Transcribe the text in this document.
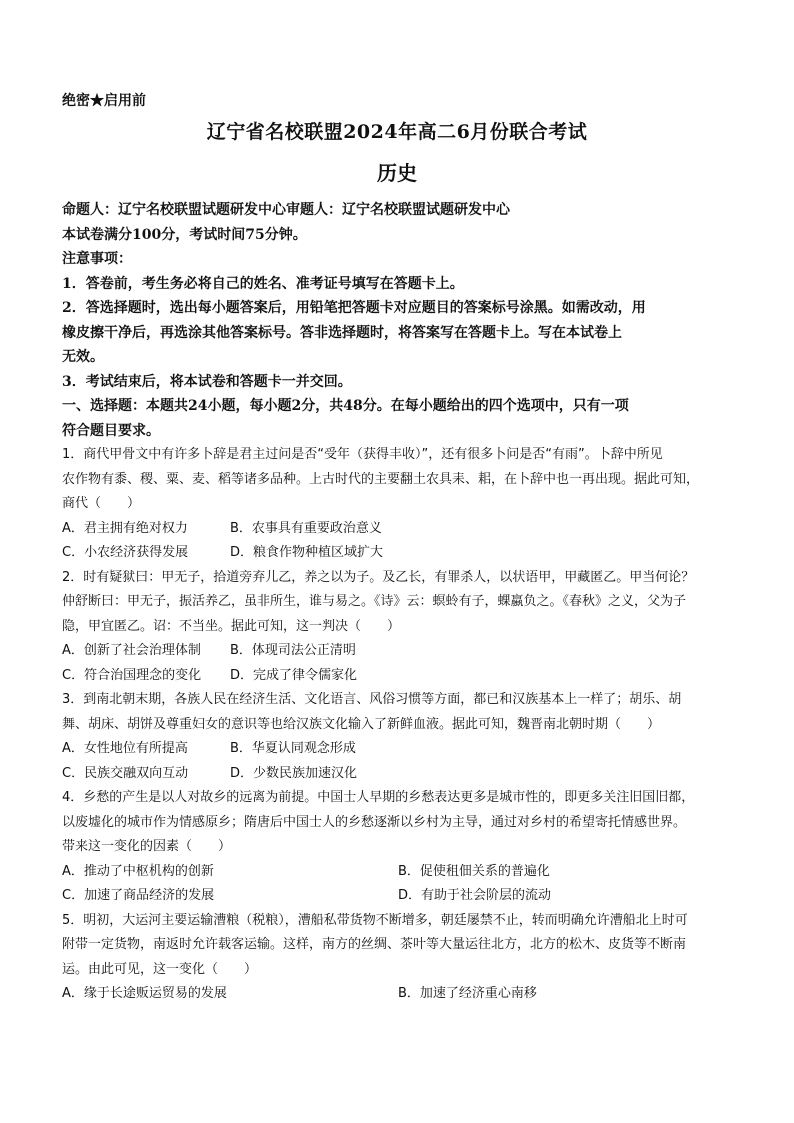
绝密★启用前
辽宁省名校联盟2024年高二6月份联合考试
历史
命题人：辽宁名校联盟试题研发中心审题人：辽宁名校联盟试题研发中心
本试卷满分100分，考试时间75分钟。
注意事项：
1．答卷前，考生务必将自己的姓名、准考证号填写在答题卡上。
2．答选择题时，选出每小题答案后，用铅笔把答题卡对应题目的答案标号涂黑。如需改动，用
橡皮擦干净后，再选涂其他答案标号。答非选择题时，将答案写在答题卡上。写在本试卷上
无效。
3．考试结束后，将本试卷和答题卡一并交回。
一、选择题：本题共24小题，每小题2分，共48分。在每小题给出的四个选项中，只有一项
符合题目要求。
1．商代甲骨文中有许多卜辞是君主过问是否“受年（获得丰收）”，还有很多卜问是否“有雨”。卜辞中所见
农作物有黍、稷、粟、麦、稻等诸多品种。上古时代的主要翻土农具耒、耜，在卜辞中也一再出现。据此可知，
商代（　　）
A．君主拥有绝对权力	B．农事具有重要政治意义
C．小农经济获得发展	D．粮食作物种植区域扩大
2．时有疑狱曰：甲无子，拾道旁弃儿乙，养之以为子。及乙长，有罪杀人，以状语甲，甲藏匿乙。甲当何论？
仲舒断曰：甲无子，振活养乙，虽非所生，谁与易之。《诗》云：螟蛉有子，蜾蠃负之。《春秋》之义，父为子
隐，甲宜匿乙。诏：不当坐。据此可知，这一判决（　　）
A．创新了社会治理体制	B．体现司法公正清明
C．符合治国理念的变化	D．完成了律令儒家化
3．到南北朝末期，各族人民在经济生活、文化语言、风俗习惯等方面，都已和汉族基本上一样了；胡乐、胡
舞、胡床、胡饼及尊重妇女的意识等也给汉族文化输入了新鲜血液。据此可知，魏晋南北朝时期（　　）
A．女性地位有所提高	B．华夏认同观念形成
C．民族交融双向互动	D．少数民族加速汉化
4．乡愁的产生是以人对故乡的远离为前提。中国士人早期的乡愁表达更多是城市性的，即更多关注旧国旧都，
以废墟化的城市作为情感原乡；隋唐后中国士人的乡愁逐渐以乡村为主导，通过对乡村的希望寄托情感世界。
带来这一变化的因素（　　）
A．推动了中枢机构的创新	B．促使租佃关系的普遍化
C．加速了商品经济的发展	D．有助于社会阶层的流动
5．明初，大运河主要运输漕粮（税粮），漕船私带货物不断增多，朝廷屡禁不止，转而明确允许漕船北上时可
附带一定货物，南返时允许载客运输。这样，南方的丝绸、茶叶等大量运往北方，北方的松木、皮货等不断南
运。由此可见，这一变化（　　）
A．缘于长途贩运贸易的发展	B．加速了经济重心南移
